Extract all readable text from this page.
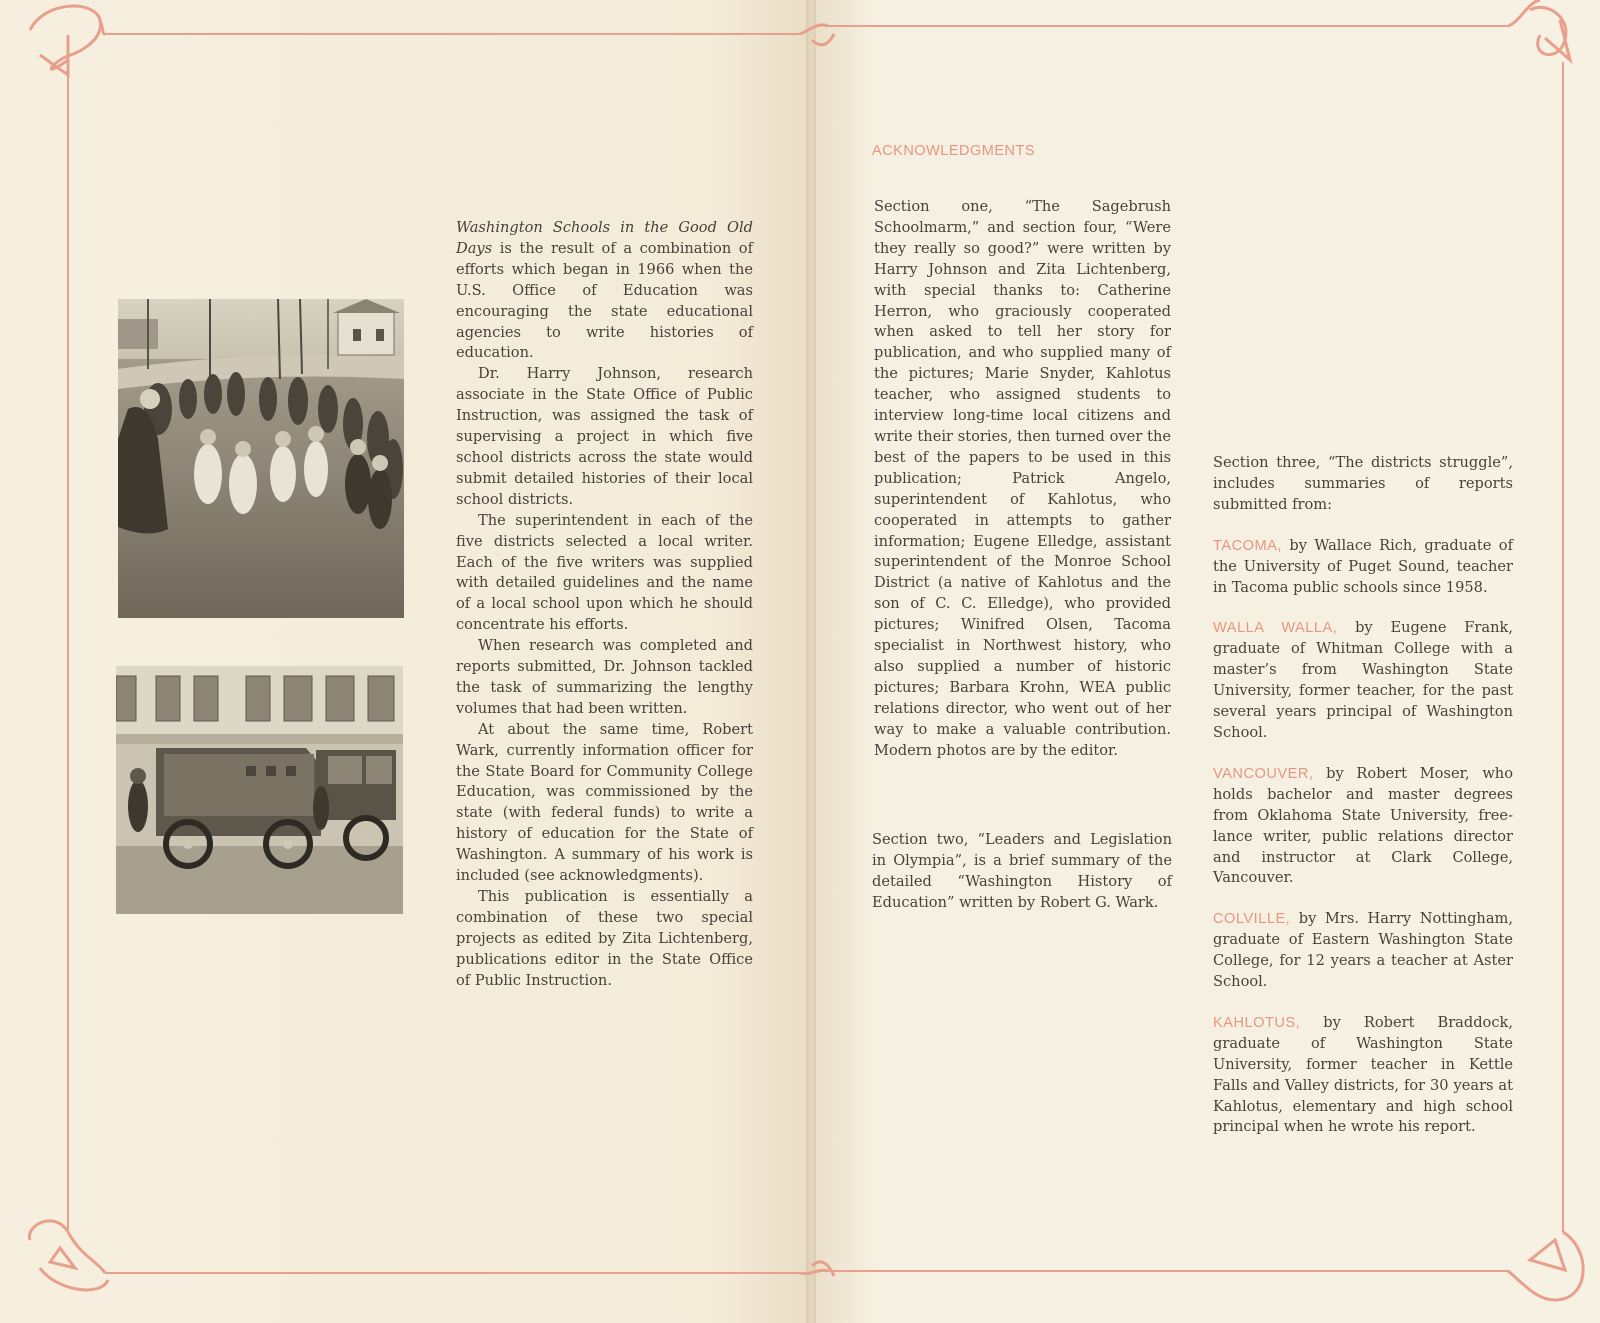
Washington Schools in the Good Old Days is the result of a combination of efforts which began in 1966 when the U.S. Office of Education was encouraging the state educational agencies to write histories of education.

Dr. Harry Johnson, research associate in the State Office of Public Instruction, was assigned the task of supervising a project in which five school districts across the state would submit detailed histories of their local school districts.

The superintendent in each of the five districts selected a local writer. Each of the five writers was supplied with detailed guidelines and the name of a local school upon which he should concentrate his efforts.

When research was completed and reports submitted, Dr. Johnson tackled the task of summarizing the lengthy volumes that had been written.

At about the same time, Robert Wark, currently information officer for the State Board for Community College Education, was commissioned by the state (with federal funds) to write a history of education for the State of Washington. A summary of his work is included (see acknowledgments).

This publication is essentially a combination of these two special projects as edited by Zita Lichtenberg, publications editor in the State Office of Public Instruction.

ACKNOWLEDGMENTS

Section one, “The Sagebrush Schoolmarm,” and section four, “Were they really so good?” were written by Harry Johnson and Zita Lichtenberg, with special thanks to: Catherine Herron, who graciously cooperated when asked to tell her story for publication, and who supplied many of the pictures; Marie Snyder, Kahlotus teacher, who assigned students to interview long-time local citizens and write their stories, then turned over the best of the papers to be used in this publication; Patrick Angelo, superintendent of Kahlotus, who cooperated in attempts to gather information; Eugene Elledge, assistant superintendent of the Monroe School District (a native of Kahlotus and the son of C. C. Elledge), who provided pictures; Winifred Olsen, Tacoma specialist in Northwest history, who also supplied a number of historic pictures; Barbara Krohn, WEA public relations director, who went out of her way to make a valuable contribution. Modern photos are by the editor.

Section two, “Leaders and Legislation in Olympia”, is a brief summary of the detailed “Washington History of Education” written by Robert G. Wark.

Section three, “The districts struggle”, includes summaries of reports submitted from:

TACOMA, by Wallace Rich, graduate of the University of Puget Sound, teacher in Tacoma public schools since 1958.

WALLA WALLA, by Eugene Frank, graduate of Whitman College with a master’s from Washington State University, former teacher, for the past several years principal of Washington School.

VANCOUVER, by Robert Moser, who holds bachelor and master degrees from Oklahoma State University, free-lance writer, public relations director and instructor at Clark College, Vancouver.

COLVILLE, by Mrs. Harry Nottingham, graduate of Eastern Washington State College, for 12 years a teacher at Aster School.

KAHLOTUS, by Robert Braddock, graduate of Washington State University, former teacher in Kettle Falls and Valley districts, for 30 years at Kahlotus, elementary and high school principal when he wrote his report.
